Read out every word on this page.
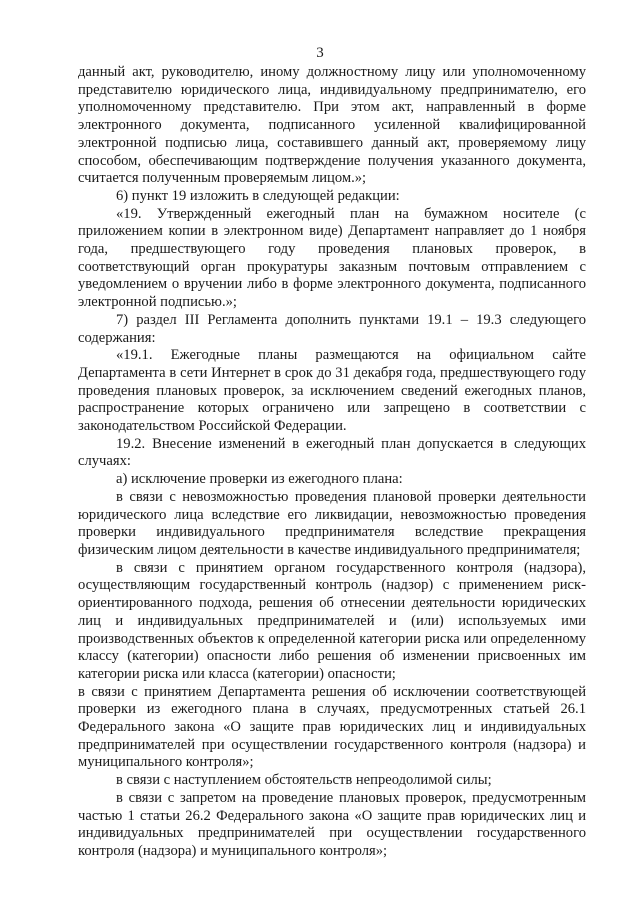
3

данный акт, руководителю, иному должностному лицу или уполномоченному представителю юридического лица, индивидуальному предпринимателю, его уполномоченному представителю. При этом акт, направленный в форме электронного документа, подписанного усиленной квалифицированной электронной подписью лица, составившего данный акт, проверяемому лицу способом, обеспечивающим подтверждение получения указанного документа, считается полученным проверяемым лицом.»;

6) пункт 19 изложить в следующей редакции:

«19. Утвержденный ежегодный план на бумажном носителе (с приложением копии в электронном виде) Департамент направляет до 1 ноября года, предшествующего году проведения плановых проверок, в соответствующий орган прокуратуры заказным почтовым отправлением с уведомлением о вручении либо в форме электронного документа, подписанного электронной подписью.»;

7) раздел III Регламента дополнить пунктами 19.1 – 19.3 следующего содержания:

«19.1. Ежегодные планы размещаются на официальном сайте Департамента в сети Интернет в срок до 31 декабря года, предшествующего году проведения плановых проверок, за исключением сведений ежегодных планов, распространение которых ограничено или запрещено в соответствии с законодательством Российской Федерации.

19.2. Внесение изменений в ежегодный план допускается в следующих случаях:

а) исключение проверки из ежегодного плана:

в связи с невозможностью проведения плановой проверки деятельности юридического лица вследствие его ликвидации, невозможностью проведения проверки индивидуального предпринимателя вследствие прекращения физическим лицом деятельности в качестве индивидуального предпринимателя;

в связи с принятием органом государственного контроля (надзора), осуществляющим государственный контроль (надзор) с применением риск-ориентированного подхода, решения об отнесении деятельности юридических лиц и индивидуальных предпринимателей и (или) используемых ими производственных объектов к определенной категории риска или определенному классу (категории) опасности либо решения об изменении присвоенных им категории риска или класса (категории) опасности;

в связи с принятием Департамента решения об исключении соответствующей проверки из ежегодного плана в случаях, предусмотренных статьей 26.1 Федерального закона «О защите прав юридических лиц и индивидуальных предпринимателей при осуществлении государственного контроля (надзора) и муниципального контроля»;

в связи с наступлением обстоятельств непреодолимой силы;

в связи с запретом на проведение плановых проверок, предусмотренным частью 1 статьи 26.2 Федерального закона «О защите прав юридических лиц и индивидуальных предпринимателей при осуществлении государственного контроля (надзора) и муниципального контроля»;
